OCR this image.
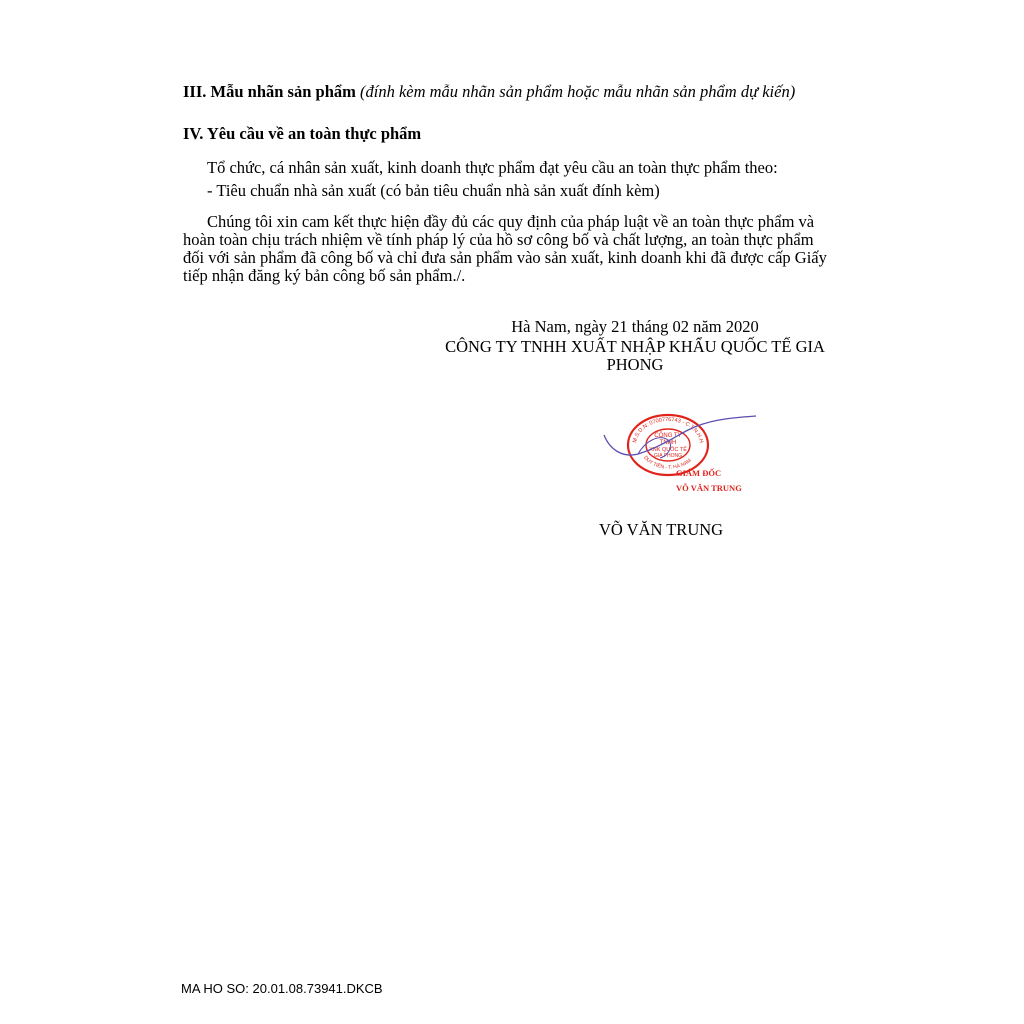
III. Mẫu nhãn sản phẩm (đính kèm mẫu nhãn sản phẩm hoặc mẫu nhãn sản phẩm dự kiến)
IV. Yêu cầu về an toàn thực phẩm
Tổ chức, cá nhân sản xuất, kinh doanh thực phẩm đạt yêu cầu an toàn thực phẩm theo:
- Tiêu chuẩn nhà sản xuất (có bản tiêu chuẩn nhà sản xuất đính kèm)
Chúng tôi xin cam kết thực hiện đầy đủ các quy định của pháp luật về an toàn thực phẩm và
hoàn toàn chịu trách nhiệm về tính pháp lý của hồ sơ công bố và chất lượng, an toàn thực phẩm
đối với sản phẩm đã công bố và chỉ đưa sản phẩm vào sản xuất, kinh doanh khi đã được cấp Giấy
tiếp nhận đăng ký bản công bố sản phẩm./.
Hà Nam, ngày 21 tháng 02 năm 2020
CÔNG TY TNHH XUẤT NHẬP KHẨU QUỐC TẾ GIA
PHONG
M.S.D.N: 0700776743 - C.T.N.H.H
DUY TIÊN - T. HÀ NAM
CÔNG TY
TNHH
XNK QUỐC TẾ
GIA PHONG
GIÁM ĐỐC
VÕ VĂN TRUNG
VÕ VĂN TRUNG
MA HO SO: 20.01.08.73941.DKCB
